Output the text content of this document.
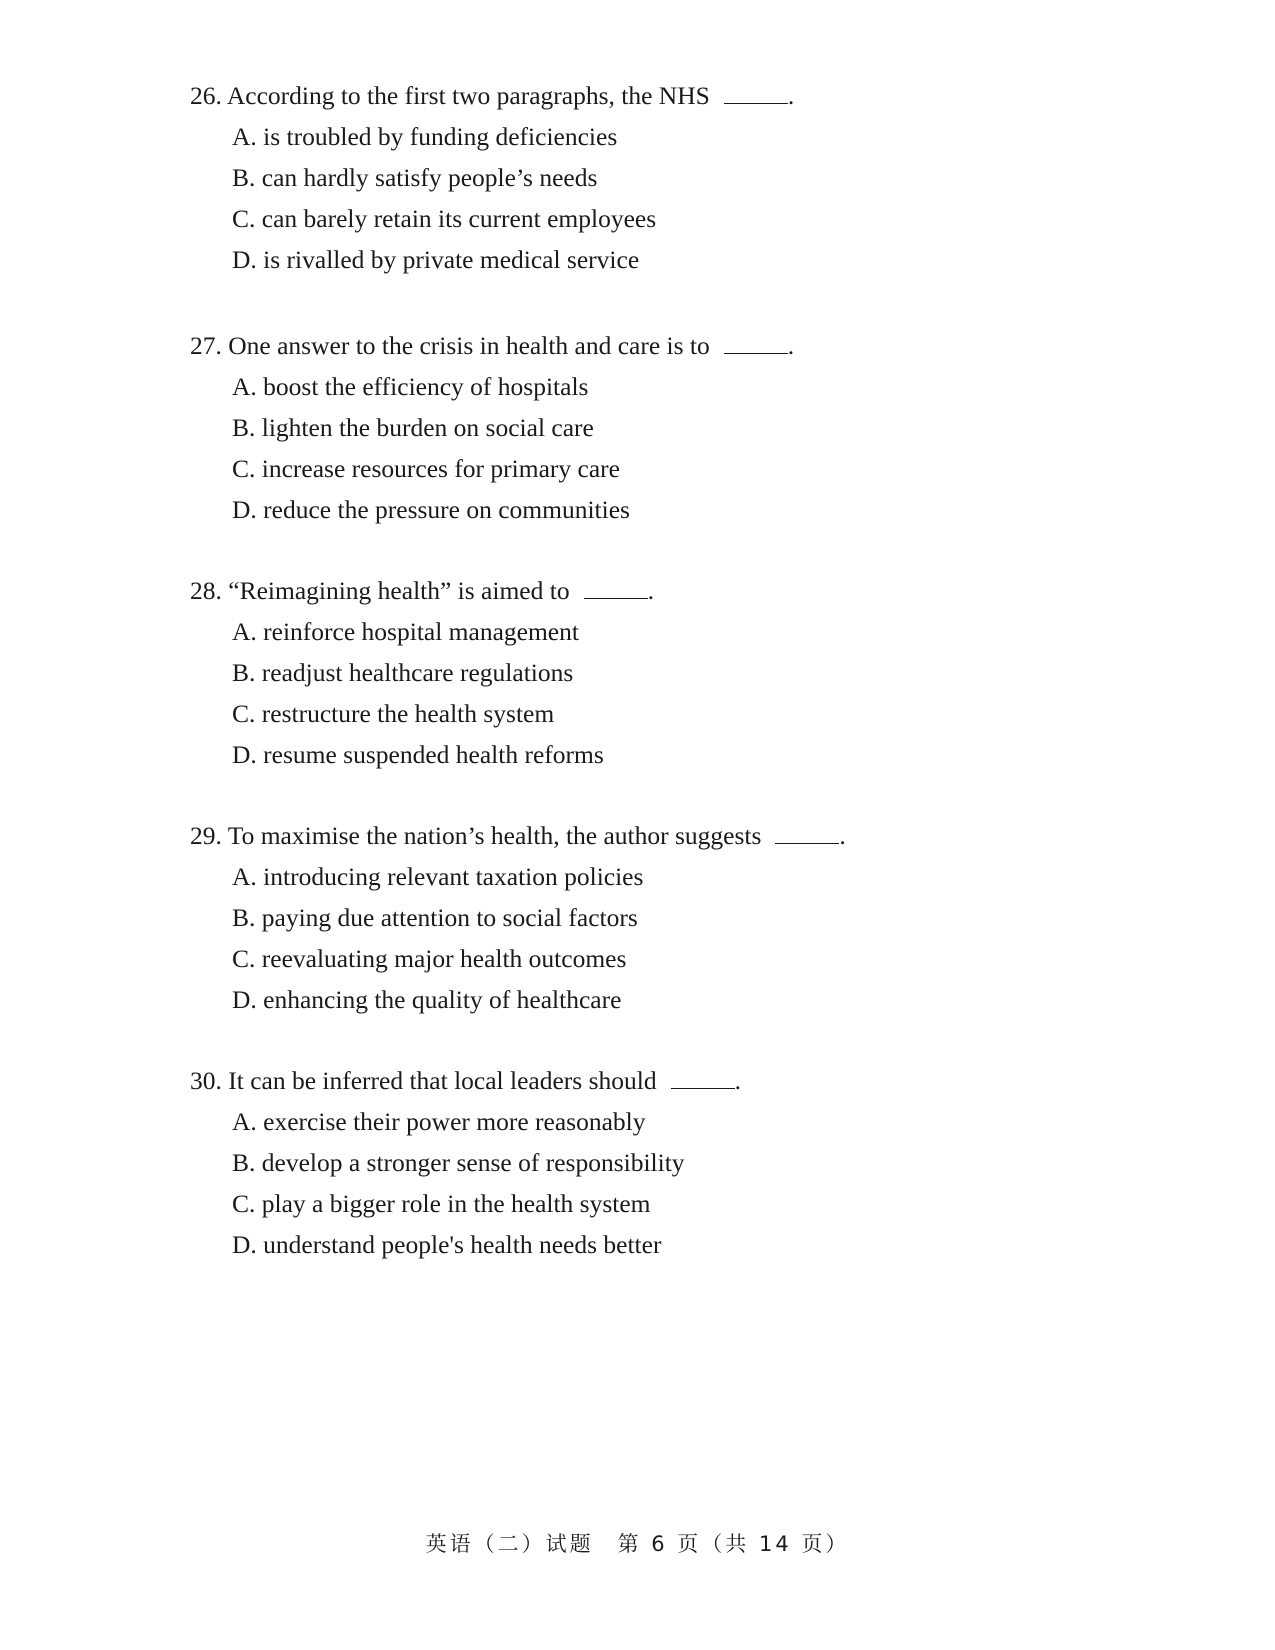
26. According to the first two paragraphs, the NHS	.
A. is troubled by funding deficiencies
B. can hardly satisfy people’s needs
C. can barely retain its current employees
D. is rivalled by private medical service
27. One answer to the crisis in health and care is to	.
A. boost the efficiency of hospitals
B. lighten the burden on social care
C. increase resources for primary care
D. reduce the pressure on communities
28. “Reimagining health” is aimed to	.
A. reinforce hospital management
B. readjust healthcare regulations
C. restructure the health system
D. resume suspended health reforms
29. To maximise the nation’s health, the author suggests	.
A. introducing relevant taxation policies
B. paying due attention to social factors
C. reevaluating major health outcomes
D. enhancing the quality of healthcare
30. It can be inferred that local leaders should	.
A. exercise their power more reasonably
B. develop a stronger sense of responsibility
C. play a bigger role in the health system
D. understand people's health needs better
英语（二）试题　第 6 页（共 14 页）
